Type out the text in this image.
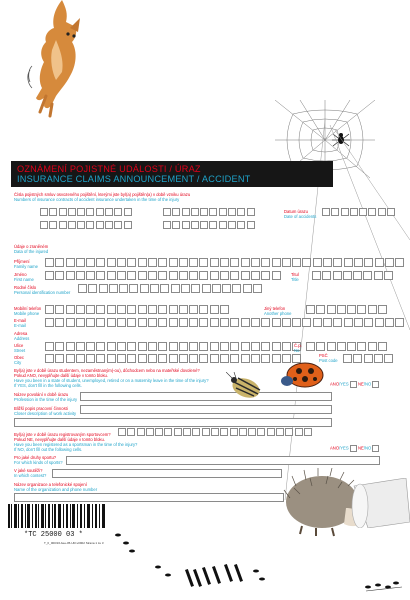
OZNÁMENÍ POJISTNÉ UDÁLOSTI / ÚRAZ
INSURANCE CLAIMS ANNOUNCEMENT / ACCIDENT
Čísla pojistných smluv osvozeného pojištění, kterými jste byl(a) pojištěn(a) v době vzniku úrazu
Numbers of insurance contracts of accident insurance undertaken in the time of the injury
Datum úrazu
Date of accidents
Údaje o zraněném
Data of the injured
Příjmení
Family name
Jméno
First name
Titul
Title
Rodné číslo
Personal identification number
Mobilní telefon
Mobile phone
Jiný telefon
Another phone
E-mail
E-mail
Adresa
Address
Ulice
Street
Č.p.
No.
Obec
City
PSČ
Post code
Byl(a) jste v době úrazu studentem, nezaměstnaným(-ou), důchodcem nebo na mateřské dovolené?
Pokud ANO, nevyplňujte další údaje v tomto bloku.
Have you been in a state of student, unemployed, retired or on a maternity leave in the time of the injury?
If YES, don't fill in the following cells.	ANO/YES NE/NO
Název povolání v době úrazu
Profession in the time of the injury
Bližší popis pracovní činnosti
Closer description of work activity
Byl(a) jste v době úrazu registrovaným sportovcem?
Pokud NE, nevyplňujte další údaje v tomto bloku.
Have you been registered as a sportsman in the time of the injury?
If NO, don't fill out the following cells.	ANO/YES NE/NO
Pro jaké druhy sportu?
For which kinds of sports?
V jaké soutěži?
In which contest?
Název organizace a telefonické spojení
Name of the organization and phone number
*TC 25000 03 *
T_II_000/16-bee-05-UR-v0902 Strana 1 ze 3
